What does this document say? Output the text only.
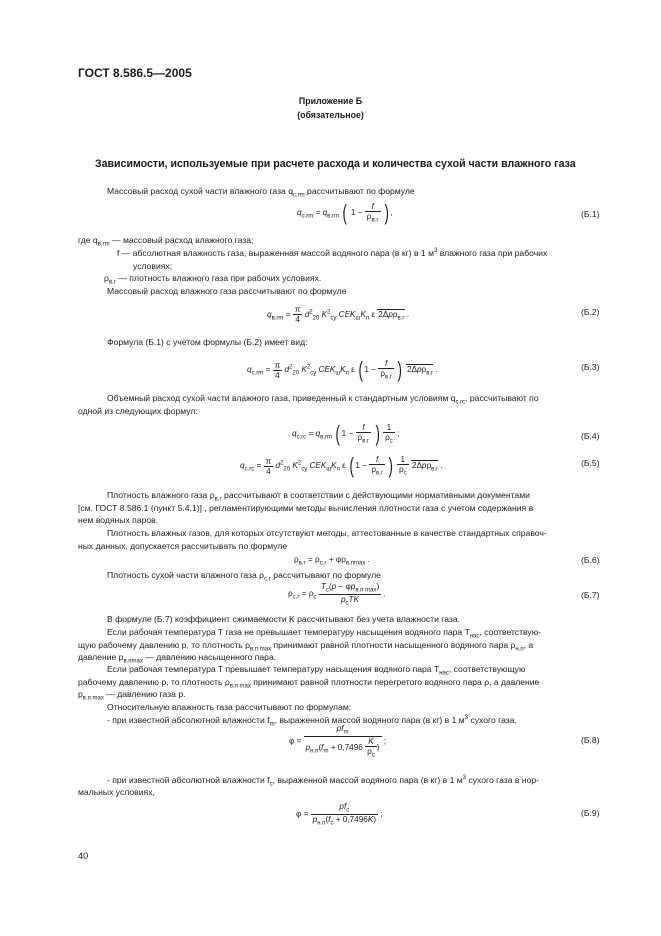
ГОСТ 8.586.5—2005
Приложение Б
(обязательное)
Зависимости, используемые при расчете расхода и количества сухой части влажного газа
Массовый расход сухой части влажного газа $q_{c,rm}$ рассчитывают по формуле
$q_{c.rm} = q_{в.rm}$ ( $1 - \frac{f}{\rho_{в.г}}$ ),	(Б.1)
где $q_{в,rm}$ — массовый расход влажного газа;
f — абсолютная влажность газа, выраженная массой водяного пара (в кг) в 1 $м^3$ влажного газа при рабочих
условиях;
$\rho_{в.г}$ — плотность влажного газа при рабочих условиях.
Массовый расход влажного газа рассчитывают по формуле
$q_{в.rm} = \frac{\pi}{4} d^2_{20}$ $K^2_{су}$ $CEK_шK_п$ ε 2Δpρ$_{в.г}$ .	(Б.2)
Формула (Б.1) с учетом формулы (Б.2) имеет вид:
$q_{c.rm} = \frac{\pi}{4} d^2_{20}$ $K^2_{су}$ $CEK_шK_п$ ε ($1 - \frac{f}{\rho_{в.г}}$ ) 2Δpρ$_{в.г}$ .	(Б.3)
Объемный расход сухой части влажного газа, приведенный к стандартным условиям $q_{c.rc}$, рассчитывают по
одной из следующих формул:
$q_{c.rc} = q_{в.rm}$ ($1 - \frac{f}{\rho_{в.г}}$ ) $\frac{1}{\rho_c}$ ;	(Б.4)
$q_{c.rc} = \frac{\pi}{4} d^2_{20}$ $K^2_{су}$ $CEK_шK_п$ ε ($1 - \frac{f}{\rho_{в.г}}$ ) $\frac{1}{\rho_c} 2\Delta p\rho_{в.г}$ .	(Б.5)
Плотность влажного газа $\rho_{в.г}$ рассчитывают в соответствии с действующими нормативными документами
[см. ГОСТ 8.586.1 (пункт 5.4.1)] , регламентирующими методы вычисления плотности газа с учетом содержания в
нем водяных паров.
Плотность влажных газов, для которых отсутствуют методы, аттестованные в качестве стандартных справоч-
ных данных, допускается рассчитывать по формуле
$\rho_{в.г} = \rho_{с.г} + \varphi\rho_{в.пmax}$ .	(Б.6)
Плотность сухой части влажного газа $\rho_{с.г}$ рассчитывают по формуле
$\rho_{с.г} = \rho_с \frac{T_c(p - \varphi p_{в.п max})}{p_cTK}$ .	(Б.7)
В формуле (Б.7) коэффициент сжимаемости K рассчитывают без учета влажности газа.
Если рабочая температура T газа не превышает температуру насыщения водяного пара $T_{нас}$, соответствую-
щую рабочему давлению p, то плотность $\rho_{в.п max}$ принимают равной плотности насыщенного водяного пара $\rho_{н.п}$, а
давление $p_{в.пmax}$ — давлению насыщенного пара.
Если рабочая температура T превышает температуру насыщения водяного пара $T_{нас}$, соответствующую
рабочему давлению p, то плотность $\rho_{в.п max}$ принимают равной плотности перегретого водяного пара ρ, а давление
$p_{в.п max}$ — давлению газа p.
Относительную влажность газа рассчитывают по формулам:
- при известной абсолютной влажности $f_m$, выраженной массой водяного пара (в кг) в 1 $м^3$ сухого газа,
$\varphi = \frac{pf_m}{p_{н.п}(f_m + 0,7496 \frac{K}{\rho_c} )}$ ;	(Б.8)
- при известной абсолютной влажности $f_c$, выраженной массой водяного пара (в кг) в 1 $м^3$ сухого газа в нор-
мальных условиях,
$\varphi = \frac{pf_c}{p_{н.п}(f_c + 0,7496K)}$ ;	(Б.9)
40
